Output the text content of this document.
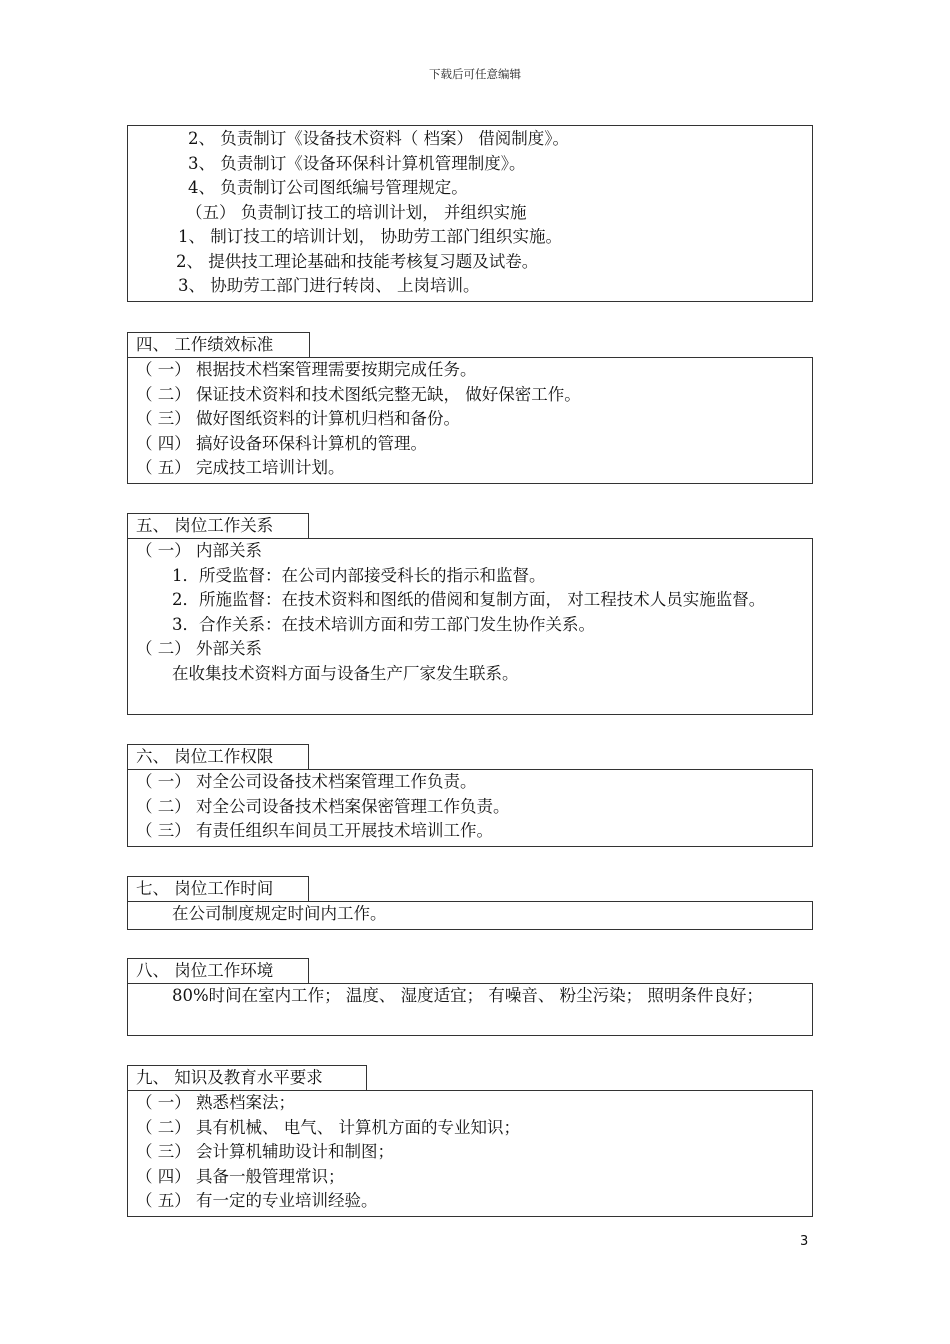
下载后可任意编辑
2、 负责制订《设备技术资料（ 档案） 借阅制度》。
3、 负责制订《设备环保科计算机管理制度》。
4、 负责制订公司图纸编号管理规定。
（五） 负责制订技工的培训计划， 并组织实施
1、 制订技工的培训计划， 协助劳工部门组织实施。
2、 提供技工理论基础和技能考核复习题及试卷。
3、 协助劳工部门进行转岗、 上岗培训。
四、 工作绩效标准
（ 一） 根据技术档案管理需要按期完成任务。
（ 二） 保证技术资料和技术图纸完整无缺， 做好保密工作。
（ 三） 做好图纸资料的计算机归档和备份。
（ 四） 搞好设备环保科计算机的管理。
（ 五） 完成技工培训计划。
五、 岗位工作关系
（ 一） 内部关系
1．所受监督：在公司内部接受科长的指示和监督。
2．所施监督：在技术资料和图纸的借阅和复制方面， 对工程技术人员实施监督。
3．合作关系：在技术培训方面和劳工部门发生协作关系。
（ 二） 外部关系
在收集技术资料方面与设备生产厂家发生联系。
六、 岗位工作权限
（ 一） 对全公司设备技术档案管理工作负责。
（ 二） 对全公司设备技术档案保密管理工作负责。
（ 三） 有责任组织车间员工开展技术培训工作。
七、 岗位工作时间
在公司制度规定时间内工作。
八、 岗位工作环境
80%时间在室内工作； 温度、 湿度适宜； 有噪音、 粉尘污染； 照明条件良好；
九、 知识及教育水平要求
（ 一） 熟悉档案法；
（ 二） 具有机械、 电气、 计算机方面的专业知识；
（ 三） 会计算机辅助设计和制图；
（ 四） 具备一般管理常识；
（ 五） 有一定的专业培训经验。
3
